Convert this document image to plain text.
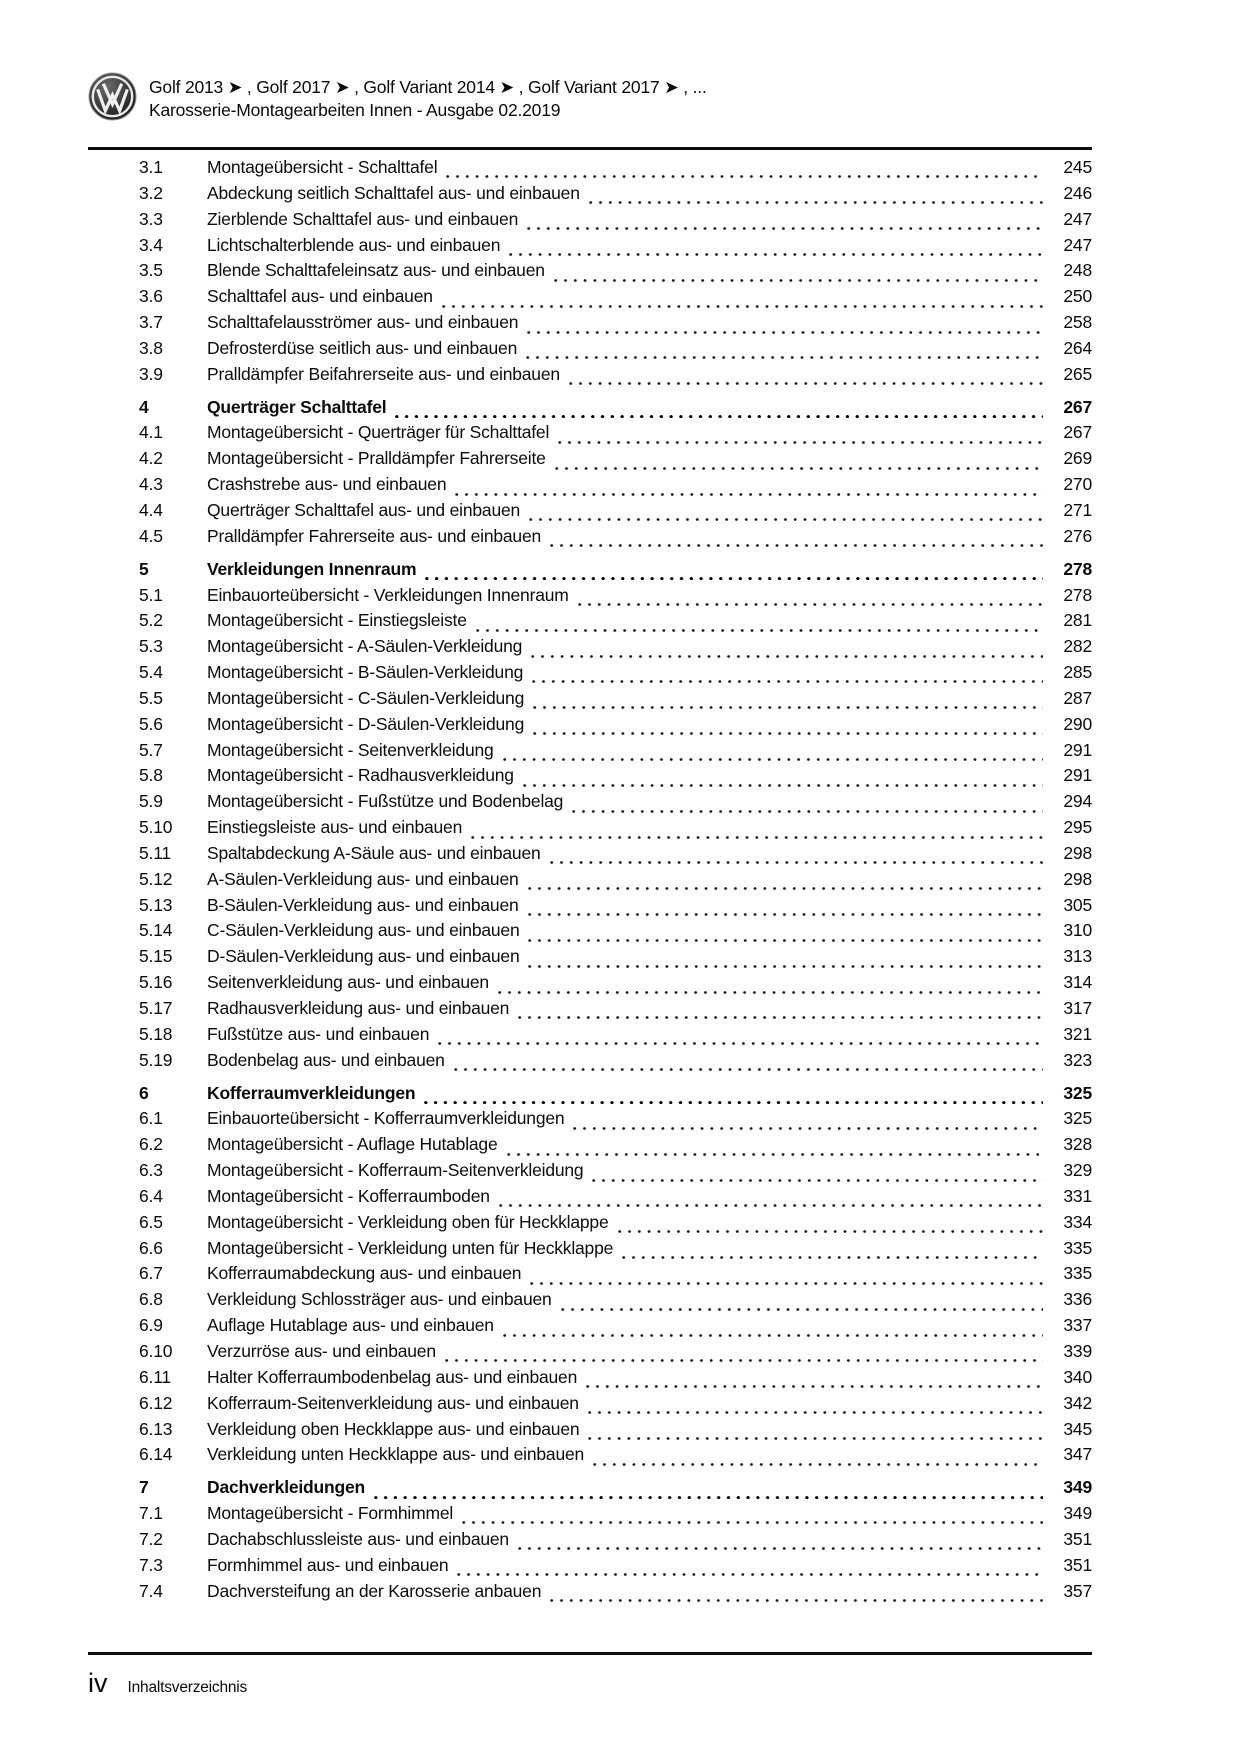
Golf 2013 ➤ , Golf 2017 ➤ , Golf Variant 2014 ➤ , Golf Variant 2017 ➤ , ...
Karosserie-Montagearbeiten Innen - Ausgabe 02.2019
3.1	Montageübersicht - Schalttafel	245
3.2	Abdeckung seitlich Schalttafel aus- und einbauen	246
3.3	Zierblende Schalttafel aus- und einbauen	247
3.4	Lichtschalterblende aus- und einbauen	247
3.5	Blende Schalttafeleinsatz aus- und einbauen	248
3.6	Schalttafel aus- und einbauen	250
3.7	Schalttafelausströmer aus- und einbauen	258
3.8	Defrosterdüse seitlich aus- und einbauen	264
3.9	Pralldämpfer Beifahrerseite aus- und einbauen	265
4	Querträger Schalttafel	267
4.1	Montageübersicht - Querträger für Schalttafel	267
4.2	Montageübersicht - Pralldämpfer Fahrerseite	269
4.3	Crashstrebe aus- und einbauen	270
4.4	Querträger Schalttafel aus- und einbauen	271
4.5	Pralldämpfer Fahrerseite aus- und einbauen	276
5	Verkleidungen Innenraum	278
5.1	Einbauorteübersicht - Verkleidungen Innenraum	278
5.2	Montageübersicht - Einstiegsleiste	281
5.3	Montageübersicht - A-Säulen-Verkleidung	282
5.4	Montageübersicht - B-Säulen-Verkleidung	285
5.5	Montageübersicht - C-Säulen-Verkleidung	287
5.6	Montageübersicht - D-Säulen-Verkleidung	290
5.7	Montageübersicht - Seitenverkleidung	291
5.8	Montageübersicht - Radhausverkleidung	291
5.9	Montageübersicht - Fußstütze und Bodenbelag	294
5.10	Einstiegsleiste aus- und einbauen	295
5.11	Spaltabdeckung A-Säule aus- und einbauen	298
5.12	A-Säulen-Verkleidung aus- und einbauen	298
5.13	B-Säulen-Verkleidung aus- und einbauen	305
5.14	C-Säulen-Verkleidung aus- und einbauen	310
5.15	D-Säulen-Verkleidung aus- und einbauen	313
5.16	Seitenverkleidung aus- und einbauen	314
5.17	Radhausverkleidung aus- und einbauen	317
5.18	Fußstütze aus- und einbauen	321
5.19	Bodenbelag aus- und einbauen	323
6	Kofferraumverkleidungen	325
6.1	Einbauorteübersicht - Kofferraumverkleidungen	325
6.2	Montageübersicht - Auflage Hutablage	328
6.3	Montageübersicht - Kofferraum-Seitenverkleidung	329
6.4	Montageübersicht - Kofferraumboden	331
6.5	Montageübersicht - Verkleidung oben für Heckklappe	334
6.6	Montageübersicht - Verkleidung unten für Heckklappe	335
6.7	Kofferraumabdeckung aus- und einbauen	335
6.8	Verkleidung Schlossträger aus- und einbauen	336
6.9	Auflage Hutablage aus- und einbauen	337
6.10	Verzurröse aus- und einbauen	339
6.11	Halter Kofferraumbodenbelag aus- und einbauen	340
6.12	Kofferraum-Seitenverkleidung aus- und einbauen	342
6.13	Verkleidung oben Heckklappe aus- und einbauen	345
6.14	Verkleidung unten Heckklappe aus- und einbauen	347
7	Dachverkleidungen	349
7.1	Montageübersicht - Formhimmel	349
7.2	Dachabschlussleiste aus- und einbauen	351
7.3	Formhimmel aus- und einbauen	351
7.4	Dachversteifung an der Karosserie anbauen	357
iv Inhaltsverzeichnis
